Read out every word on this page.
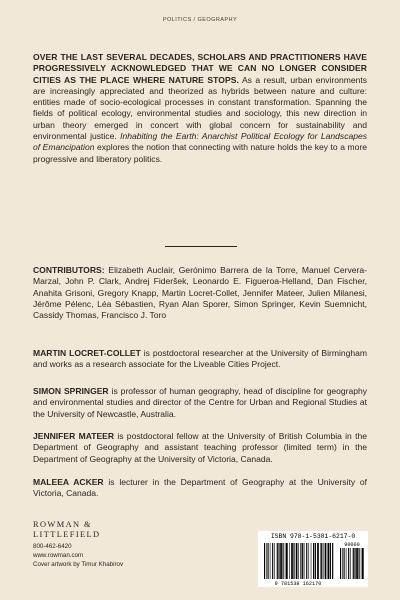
POLITICS / GEOGRAPHY

OVER THE LAST SEVERAL DECADES, SCHOLARS AND PRACTITIONERS HAVE PROGRESSIVELY ACKNOWLEDGED THAT WE CAN NO LONGER CONSIDER CITIES AS THE PLACE WHERE NATURE STOPS. As a result, urban environments are increasingly appreciated and theorized as hybrids between nature and culture: entities made of socio-ecological processes in constant transformation. Spanning the fields of political ecology, environmental studies and sociology, this new direction in urban theory emerged in concert with global concern for sustainability and environmental justice. Inhabiting the Earth: Anarchist Political Ecology for Landscapes of Emancipation explores the notion that connecting with nature holds the key to a more progressive and liberatory politics.

CONTRIBUTORS: Elizabeth Auclair, Gerónimo Barrera de la Torre, Manuel Cervera-Marzal, John P. Clark, Andrej Fideršek, Leonardo E. Figueroa-Helland, Dan Fischer, Anahita Grisoni, Gregory Knapp, Martin Locret-Collet, Jennifer Mateer, Julien Milanesi, Jérôme Pélenc, Léa Sébastien, Ryan Alan Sporer, Simon Springer, Kevin Suemnicht, Cassidy Thomas, Francisco J. Toro

MARTIN LOCRET-COLLET is postdoctoral researcher at the University of Birmingham and works as a research associate for the Liveable Cities Project.

SIMON SPRINGER is professor of human geography, head of discipline for geography and environmental studies and director of the Centre for Urban and Regional Studies at the University of Newcastle, Australia.

JENNIFER MATEER is postdoctoral fellow at the University of British Columbia in the Department of Geography and assistant teaching professor (limited term) in the Department of Geography at the University of Victoria, Canada.

MALEEA ACKER is lecturer in the Department of Geography at the University of Victoria, Canada.

ROWMAN &
LITTLEFIELD
800-462-6420
www.rowman.com
Cover artwork by Timur Khabirov
ISBN 978-1-5381-6217-0
9 781538 162170
90000
